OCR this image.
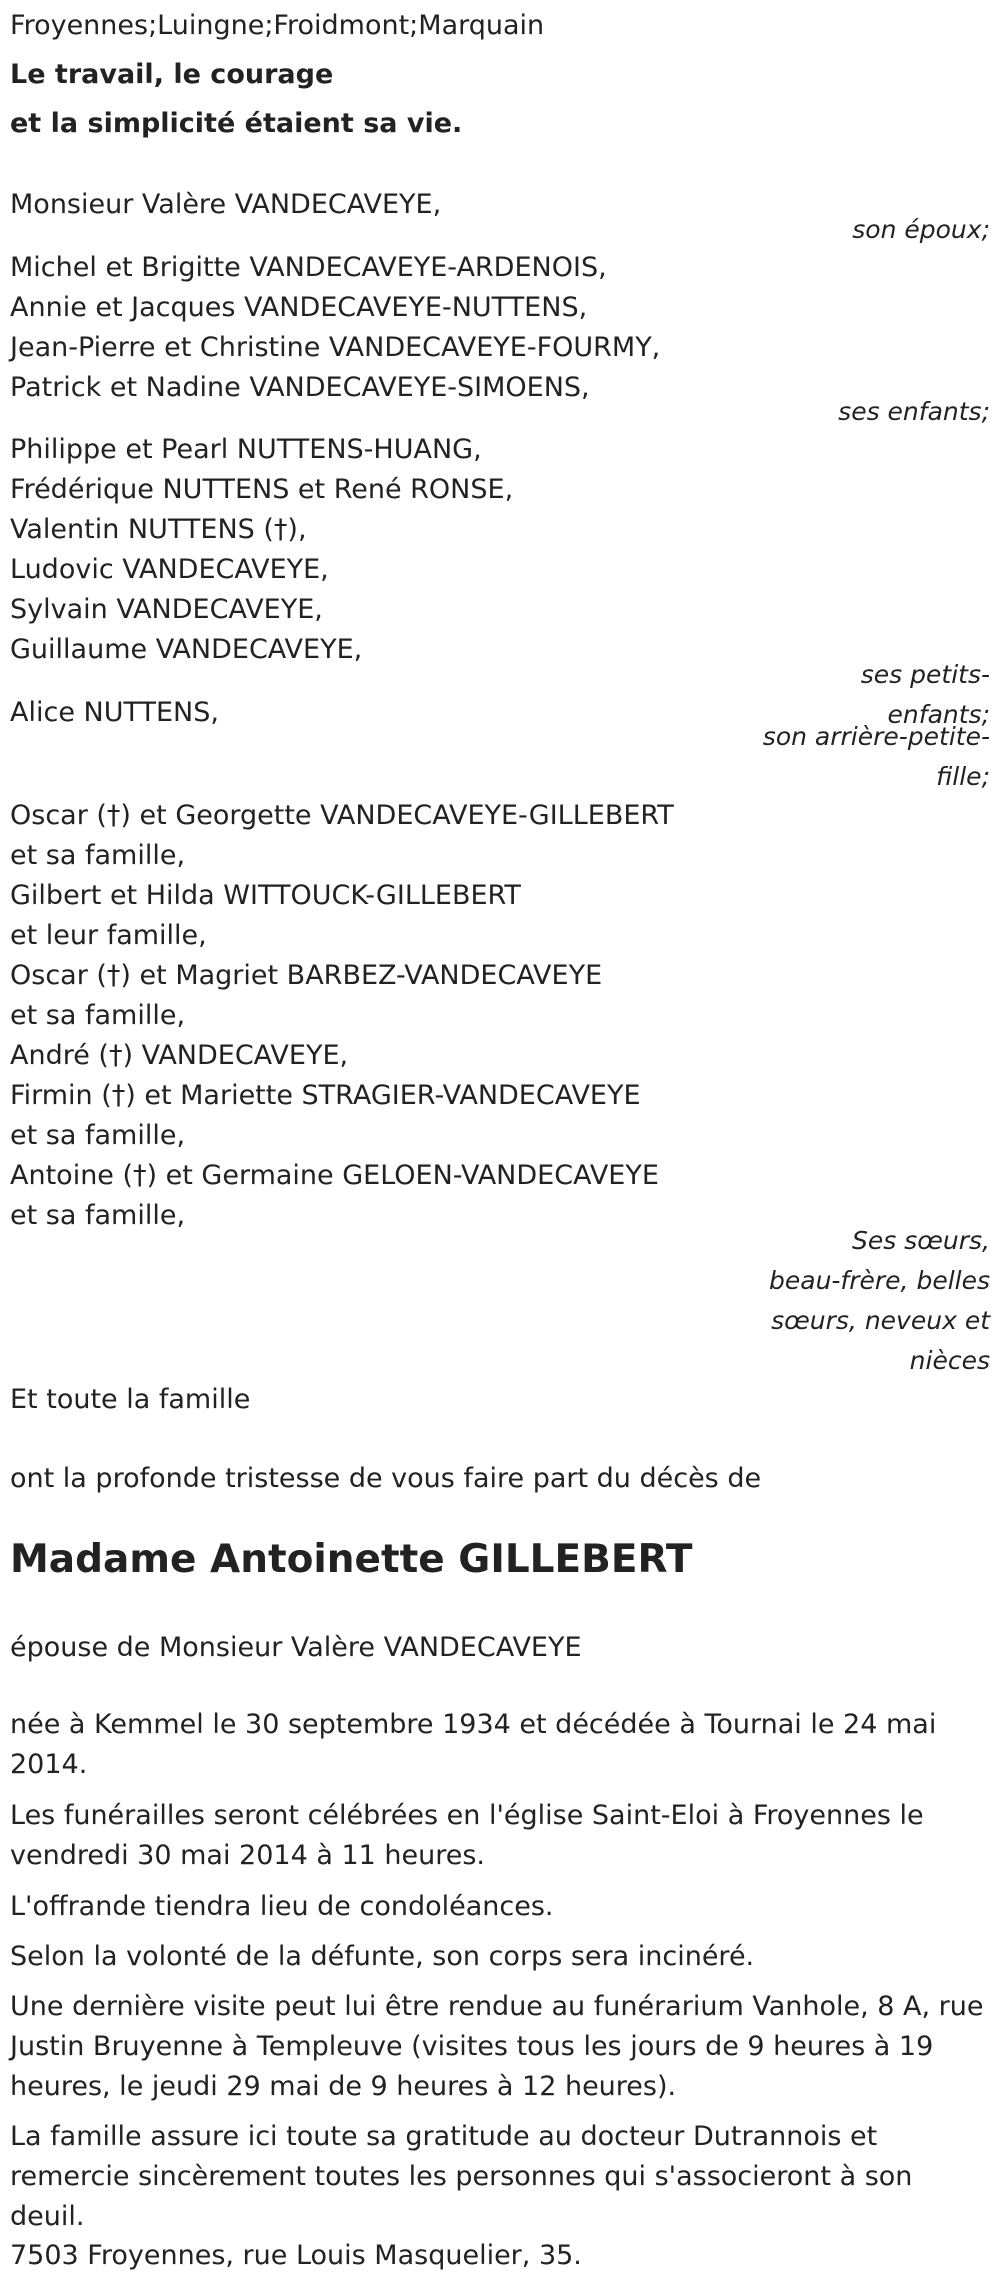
Froyennes;Luingne;Froidmont;Marquain
Le travail, le courage
et la simplicité étaient sa vie.
Monsieur Valère VANDECAVEYE,
son époux;
Michel et Brigitte VANDECAVEYE-ARDENOIS,
Annie et Jacques VANDECAVEYE-NUTTENS,
Jean-Pierre et Christine VANDECAVEYE-FOURMY,
Patrick et Nadine VANDECAVEYE-SIMOENS,
ses enfants;
Philippe et Pearl NUTTENS-HUANG,
Frédérique NUTTENS et René RONSE,
Valentin NUTTENS (†),
Ludovic VANDECAVEYE,
Sylvain VANDECAVEYE,
Guillaume VANDECAVEYE,
ses petits-enfants;
Alice NUTTENS,
son arrière-petite-
fille;
Oscar (†) et Georgette VANDECAVEYE-GILLEBERT
et sa famille,
Gilbert et Hilda WITTOUCK-GILLEBERT
et leur famille,
Oscar (†) et Magriet BARBEZ-VANDECAVEYE
et sa famille,
André (†) VANDECAVEYE,
Firmin (†) et Mariette STRAGIER-VANDECAVEYE
et sa famille,
Antoine (†) et Germaine GELOEN-VANDECAVEYE
et sa famille,
Ses sœurs,
beau-frère, belles
sœurs, neveux et
nièces
Et toute la famille
ont la profonde tristesse de vous faire part du décès de
Madame Antoinette GILLEBERT
épouse de Monsieur Valère VANDECAVEYE
née à Kemmel le 30 septembre 1934 et décédée à Tournai le 24 mai 2014.
Les funérailles seront célébrées en l'église Saint-Eloi à Froyennes le vendredi 30 mai 2014 à 11 heures.
L'offrande tiendra lieu de condoléances.
Selon la volonté de la défunte, son corps sera incinéré.
Une dernière visite peut lui être rendue au funérarium Vanhole, 8 A, rue Justin Bruyenne à Templeuve (visites tous les jours de 9 heures à 19 heures, le jeudi 29 mai de 9 heures à 12 heures).
La famille assure ici toute sa gratitude au docteur Dutrannois et remercie sincèrement toutes les personnes qui s'associeront à son deuil.
7503 Froyennes, rue Louis Masquelier, 35.
